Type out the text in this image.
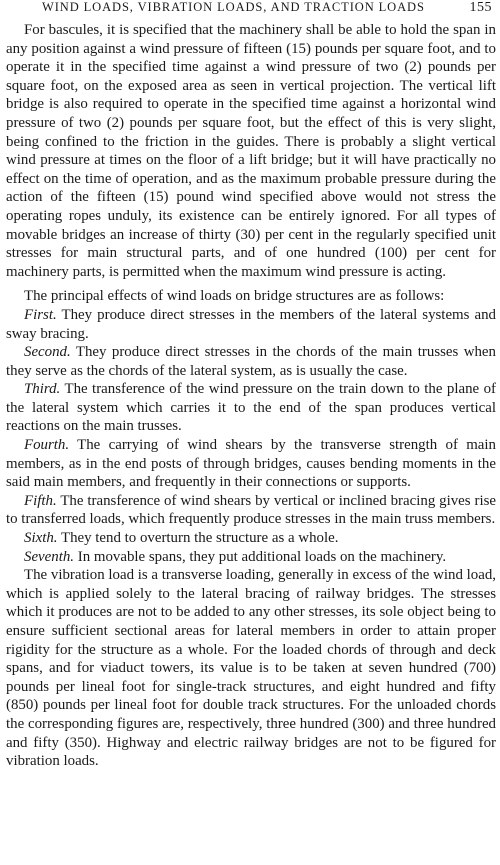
WIND LOADS, VIBRATION LOADS, AND TRACTION LOADS	155

For bascules, it is specified that the machinery shall be able to hold the span in any position against a wind pressure of fifteen (15) pounds per square foot, and to operate it in the specified time against a wind pressure of two (2) pounds per square foot, on the exposed area as seen in vertical projection. The vertical lift bridge is also required to operate in the specified time against a horizontal wind pressure of two (2) pounds per square foot, but the effect of this is very slight, being confined to the friction in the guides. There is probably a slight vertical wind pressure at times on the floor of a lift bridge; but it will have practically no effect on the time of operation, and as the maximum probable pressure during the action of the fifteen (15) pound wind specified above would not stress the operating ropes unduly, its existence can be entirely ignored. For all types of movable bridges an increase of thirty (30) per cent in the regularly specified unit stresses for main structural parts, and of one hundred (100) per cent for machinery parts, is permitted when the maximum wind pressure is acting.

The principal effects of wind loads on bridge structures are as follows:

First. They produce direct stresses in the members of the lateral systems and sway bracing.

Second. They produce direct stresses in the chords of the main trusses when they serve as the chords of the lateral system, as is usually the case.

Third. The transference of the wind pressure on the train down to the plane of the lateral system which carries it to the end of the span produces vertical reactions on the main trusses.

Fourth. The carrying of wind shears by the transverse strength of main members, as in the end posts of through bridges, causes bending moments in the said main members, and frequently in their connections or supports.

Fifth. The transference of wind shears by vertical or inclined bracing gives rise to transferred loads, which frequently produce stresses in the main truss members.

Sixth. They tend to overturn the structure as a whole.

Seventh. In movable spans, they put additional loads on the machinery.

The vibration load is a transverse loading, generally in excess of the wind load, which is applied solely to the lateral bracing of railway bridges. The stresses which it produces are not to be added to any other stresses, its sole object being to ensure sufficient sectional areas for lateral members in order to attain proper rigidity for the structure as a whole. For the loaded chords of through and deck spans, and for viaduct towers, its value is to be taken at seven hundred (700) pounds per lineal foot for single-track structures, and eight hundred and fifty (850) pounds per lineal foot for double track structures. For the unloaded chords the corresponding figures are, respectively, three hundred (300) and three hundred and fifty (350). Highway and electric railway bridges are not to be figured for vibration loads.
